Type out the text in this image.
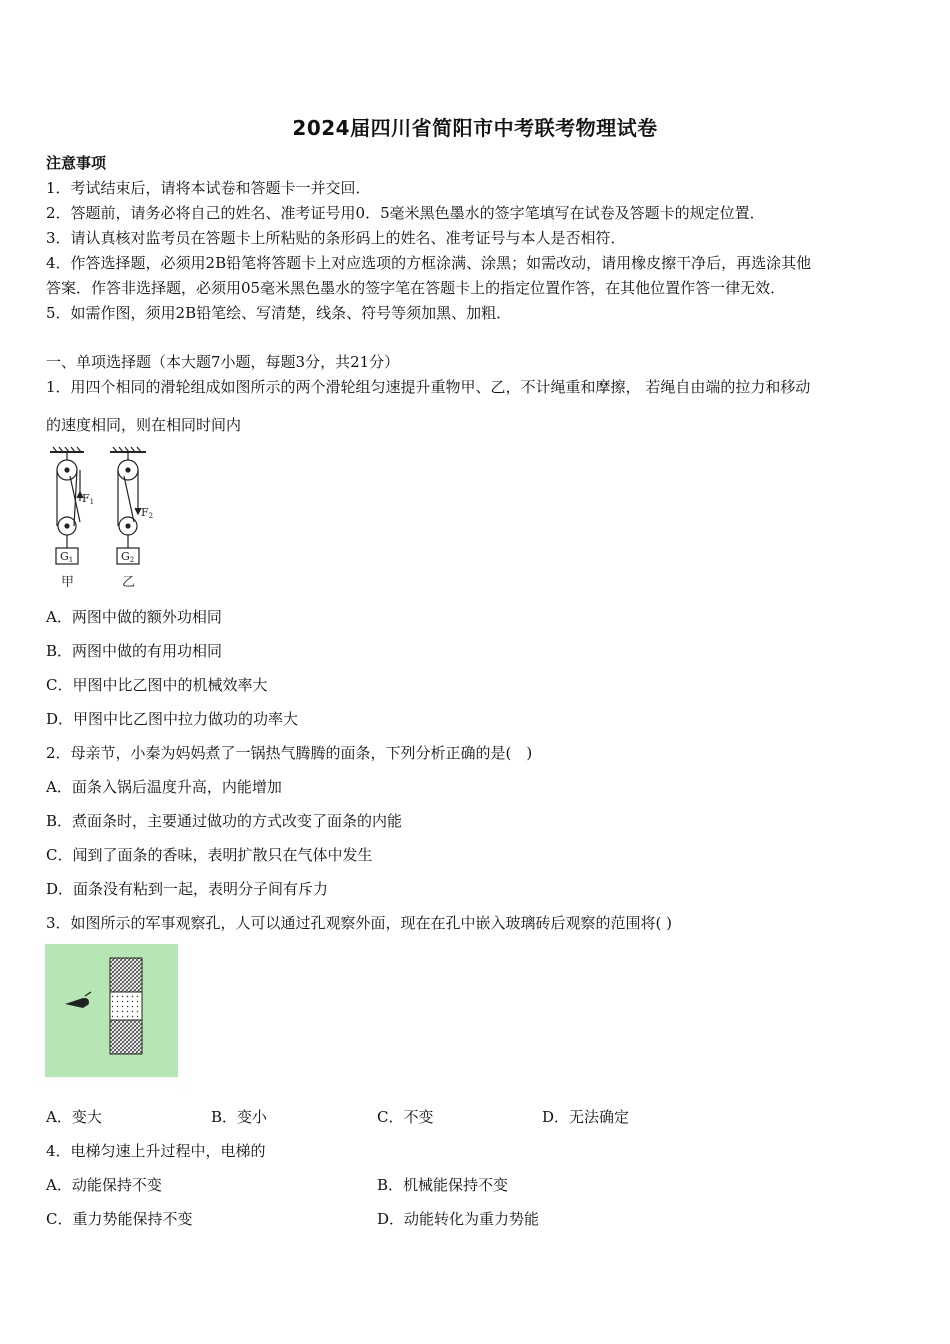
2024届四川省简阳市中考联考物理试卷
注意事项
1．考试结束后，请将本试卷和答题卡一并交回．
2．答题前，请务必将自己的姓名、准考证号用0．5毫米黑色墨水的签字笔填写在试卷及答题卡的规定位置．
3．请认真核对监考员在答题卡上所粘贴的条形码上的姓名、准考证号与本人是否相符．
4．作答选择题，必须用2B铅笔将答题卡上对应选项的方框涂满、涂黑；如需改动，请用橡皮擦干净后，再选涂其他
答案．作答非选择题，必须用05毫米黑色墨水的签字笔在答题卡上的指定位置作答，在其他位置作答一律无效．
5．如需作图，须用2B铅笔绘、写清楚，线条、符号等须加黑、加粗．
一、单项选择题（本大题7小题，每题3分，共21分）
1．用四个相同的滑轮组成如图所示的两个滑轮组匀速提升重物甲、乙，不计绳重和摩擦， 若绳自由端的拉力和移动
的速度相同，则在相同时间内
F1
F2
G1	G2
甲	乙
A．两图中做的额外功相同
B．两图中做的有用功相同
C．甲图中比乙图中的机械效率大
D．甲图中比乙图中拉力做功的功率大
2．母亲节，小秦为妈妈煮了一锅热气腾腾的面条，下列分析正确的是(　)
A．面条入锅后温度升高，内能增加
B．煮面条时，主要通过做功的方式改变了面条的内能
C．闻到了面条的香味，表明扩散只在气体中发生
D．面条没有粘到一起，表明分子间有斥力
3．如图所示的军事观察孔，人可以通过孔观察外面，现在在孔中嵌入玻璃砖后观察的范围将( )
A．变大	B．变小	C．不变	D．无法确定
4．电梯匀速上升过程中，电梯的
A．动能保持不变	B．机械能保持不变
C．重力势能保持不变	D．动能转化为重力势能
